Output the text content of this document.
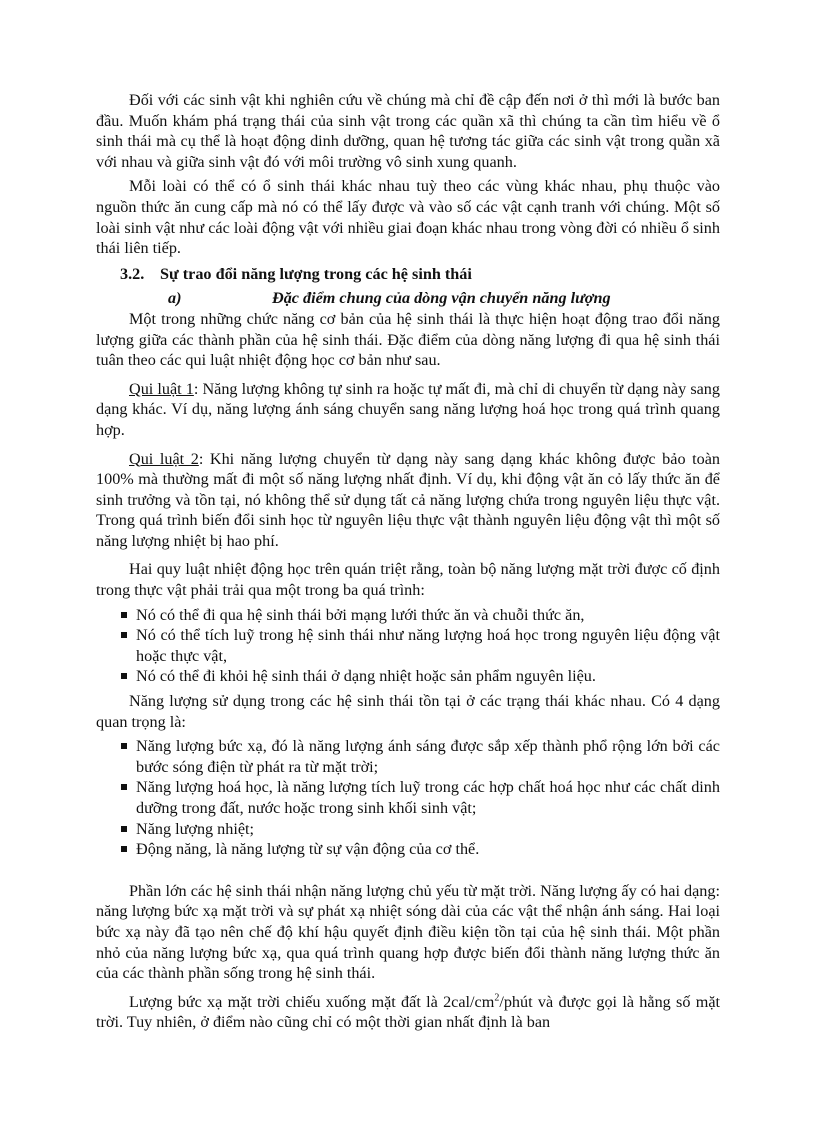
Đối với các sinh vật khi nghiên cứu về chúng mà chỉ đề cập đến nơi ở thì mới là bước ban đầu. Muốn khám phá trạng thái của sinh vật trong các quần xã thì chúng ta cần tìm hiểu về ổ sinh thái mà cụ thể là hoạt động dinh dưỡng, quan hệ tương tác giữa các sinh vật trong quần xã với nhau và giữa sinh vật đó với môi trường vô sinh xung quanh.

Mỗi loài có thể có ổ sinh thái khác nhau tuỳ theo các vùng khác nhau, phụ thuộc vào nguồn thức ăn cung cấp mà nó có thể lấy được và vào số các vật cạnh tranh với chúng. Một số loài sinh vật như các loài động vật với nhiều giai đoạn khác nhau trong vòng đời có nhiều ổ sinh thái liên tiếp.

3.2. Sự trao đổi năng lượng trong các hệ sinh thái
a)	Đặc điểm chung của dòng vận chuyển năng lượng

Một trong những chức năng cơ bản của hệ sinh thái là thực hiện hoạt động trao đổi năng lượng giữa các thành phần của hệ sinh thái. Đặc điểm của dòng năng lượng đi qua hệ sinh thái tuân theo các qui luật nhiệt động học cơ bản như sau.

Qui luật 1: Năng lượng không tự sinh ra hoặc tự mất đi, mà chỉ di chuyển từ dạng này sang dạng khác. Ví dụ, năng lượng ánh sáng chuyển sang năng lượng hoá học trong quá trình quang hợp.

Qui luật 2: Khi năng lượng chuyển từ dạng này sang dạng khác không được bảo toàn 100% mà thường mất đi một số năng lượng nhất định. Ví dụ, khi động vật ăn cỏ lấy thức ăn để sinh trưởng và tồn tại, nó không thể sử dụng tất cả năng lượng chứa trong nguyên liệu thực vật. Trong quá trình biến đổi sinh học từ nguyên liệu thực vật thành nguyên liệu động vật thì một số năng lượng nhiệt bị hao phí.

Hai quy luật nhiệt động học trên quán triệt rằng, toàn bộ năng lượng mặt trời được cố định trong thực vật phải trải qua một trong ba quá trình:

Nó có thể đi qua hệ sinh thái bởi mạng lưới thức ăn và chuỗi thức ăn,
Nó có thể tích luỹ trong hệ sinh thái như năng lượng hoá học trong nguyên liệu động vật hoặc thực vật,
Nó có thể đi khỏi hệ sinh thái ở dạng nhiệt hoặc sản phẩm nguyên liệu.

Năng lượng sử dụng trong các hệ sinh thái tồn tại ở các trạng thái khác nhau. Có 4 dạng quan trọng là:

Năng lượng bức xạ, đó là năng lượng ánh sáng được sắp xếp thành phổ rộng lớn bởi các bước sóng điện từ phát ra từ mặt trời;
Năng lượng hoá học, là năng lượng tích luỹ trong các hợp chất hoá học như các chất dinh dưỡng trong đất, nước hoặc trong sinh khối sinh vật;
Năng lượng nhiệt;
Động năng, là năng lượng từ sự vận động của cơ thể.

Phần lớn các hệ sinh thái nhận năng lượng chủ yếu từ mặt trời. Năng lượng ấy có hai dạng: năng lượng bức xạ mặt trời và sự phát xạ nhiệt sóng dài của các vật thể nhận ánh sáng. Hai loại bức xạ này đã tạo nên chế độ khí hậu quyết định điều kiện tồn tại của hệ sinh thái. Một phần nhỏ của năng lượng bức xạ, qua quá trình quang hợp được biến đổi thành năng lượng thức ăn của các thành phần sống trong hệ sinh thái.

Lượng bức xạ mặt trời chiếu xuống mặt đất là $2cal/cm^2$/phút và được gọi là hằng số mặt trời. Tuy nhiên, ở điểm nào cũng chỉ có một thời gian nhất định là ban
